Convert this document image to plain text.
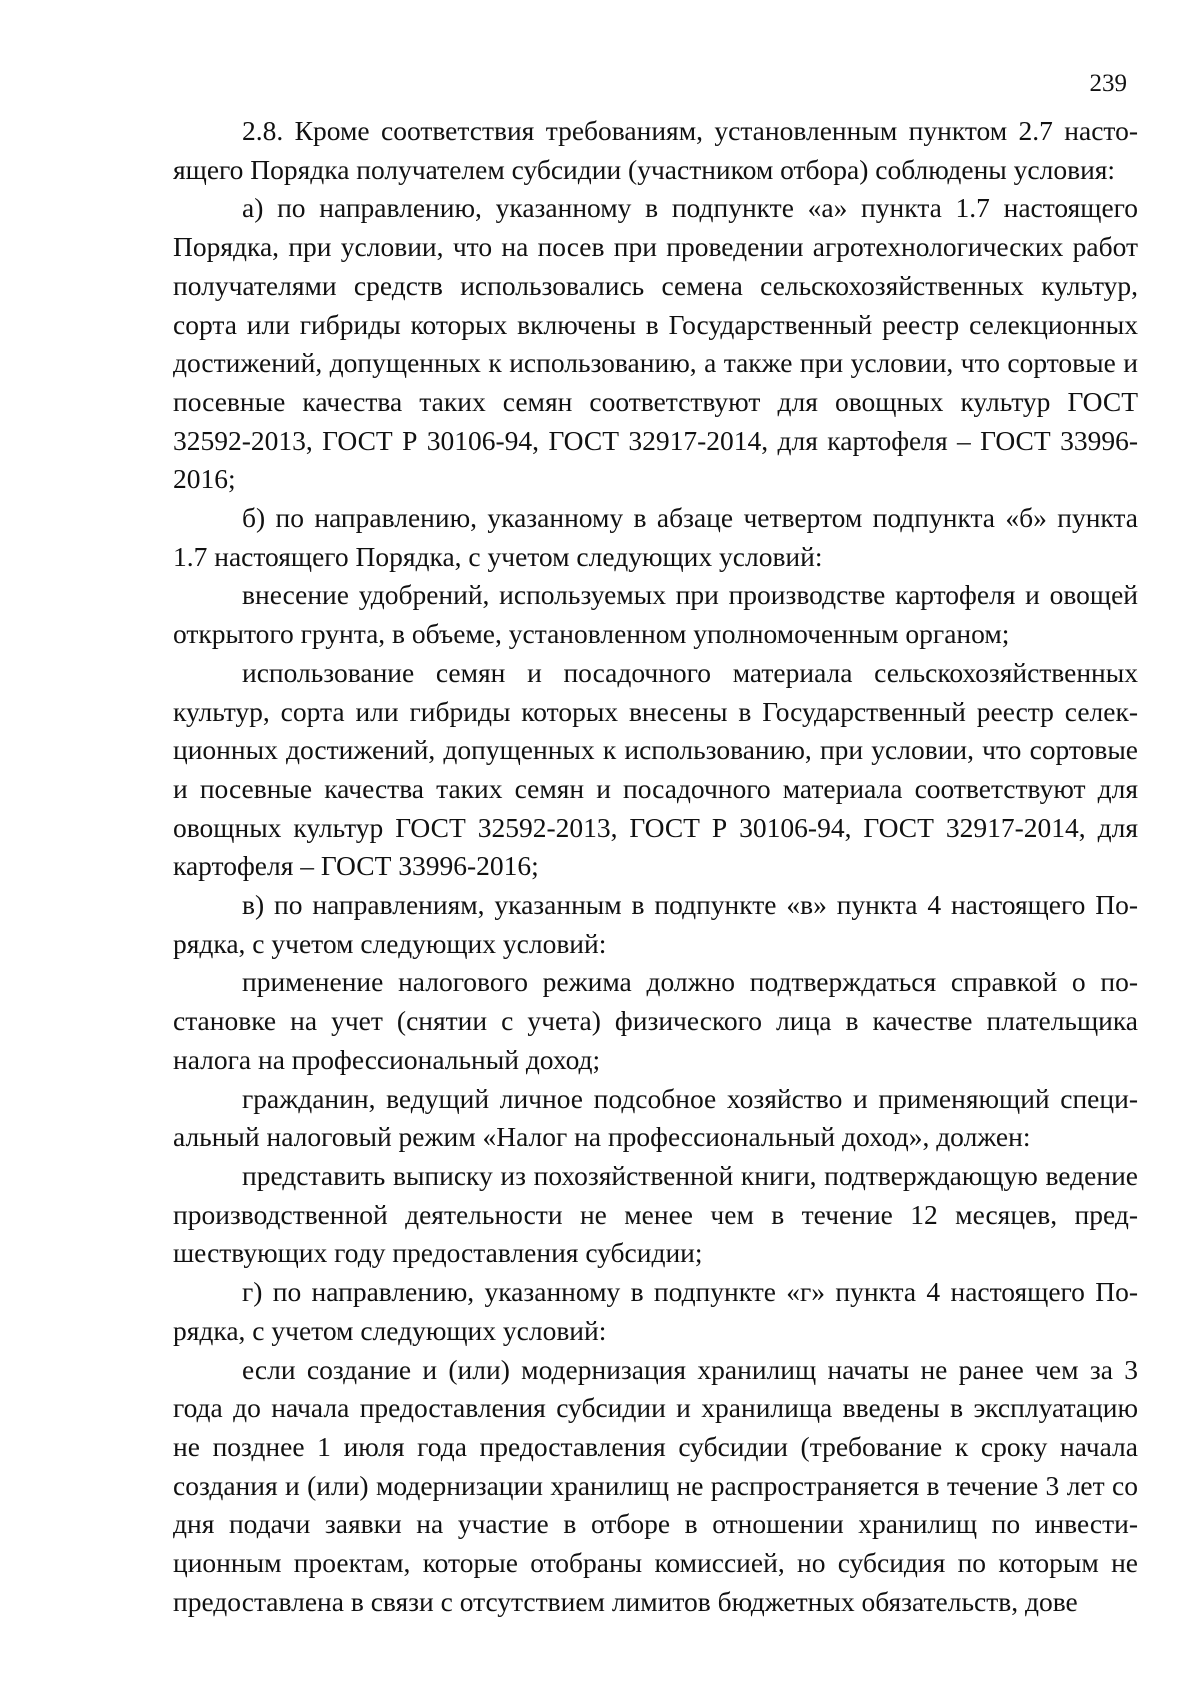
239

2.8. Кроме соответствия требованиям, установленным пунктом 2.7 настоящего Порядка получателем субсидии (участником отбора) соблюдены условия:

а) по направлению, указанному в подпункте «а» пункта 1.7 настоящего Порядка, при условии, что на посев при проведении агротехнологических работ получателями средств использовались семена сельскохозяйственных культур, сорта или гибриды которых включены в Государственный реестр селекционных достижений, допущенных к использованию, а также при условии, что сортовые и посевные качества таких семян соответствуют для овощных культур ГОСТ 32592-2013, ГОСТ Р 30106-94, ГОСТ 32917-2014, для картофеля – ГОСТ 33996-2016;

б) по направлению, указанному в абзаце четвертом подпункта «б» пункта 1.7 настоящего Порядка, с учетом следующих условий:

внесение удобрений, используемых при производстве картофеля и овощей открытого грунта, в объеме, установленном уполномоченным органом;

использование семян и посадочного материала сельскохозяйственных культур, сорта или гибриды которых внесены в Государственный реестр селекционных достижений, допущенных к использованию, при условии, что сортовые и посевные качества таких семян и посадочного материала соответствуют для овощных культур ГОСТ 32592-2013, ГОСТ Р 30106-94, ГОСТ 32917-2014, для картофеля – ГОСТ 33996-2016;

в) по направлениям, указанным в подпункте «в» пункта 4 настоящего Порядка, с учетом следующих условий:

применение налогового режима должно подтверждаться справкой о постановке на учет (снятии с учета) физического лица в качестве плательщика налога на профессиональный доход;

гражданин, ведущий личное подсобное хозяйство и применяющий специальный налоговый режим «Налог на профессиональный доход», должен:

представить выписку из похозяйственной книги, подтверждающую ведение производственной деятельности не менее чем в течение 12 месяцев, предшествующих году предоставления субсидии;

г) по направлению, указанному в подпункте «г» пункта 4 настоящего Порядка, с учетом следующих условий:

если создание и (или) модернизация хранилищ начаты не ранее чем за 3 года до начала предоставления субсидии и хранилища введены в эксплуатацию не позднее 1 июля года предоставления субсидии (требование к сроку начала создания и (или) модернизации хранилищ не распространяется в течение 3 лет со дня подачи заявки на участие в отборе в отношении хранилищ по инвестиционным проектам, которые отобраны комиссией, но субсидия по которым не предоставлена в связи с отсутствием лимитов бюджетных обязательств, дове
